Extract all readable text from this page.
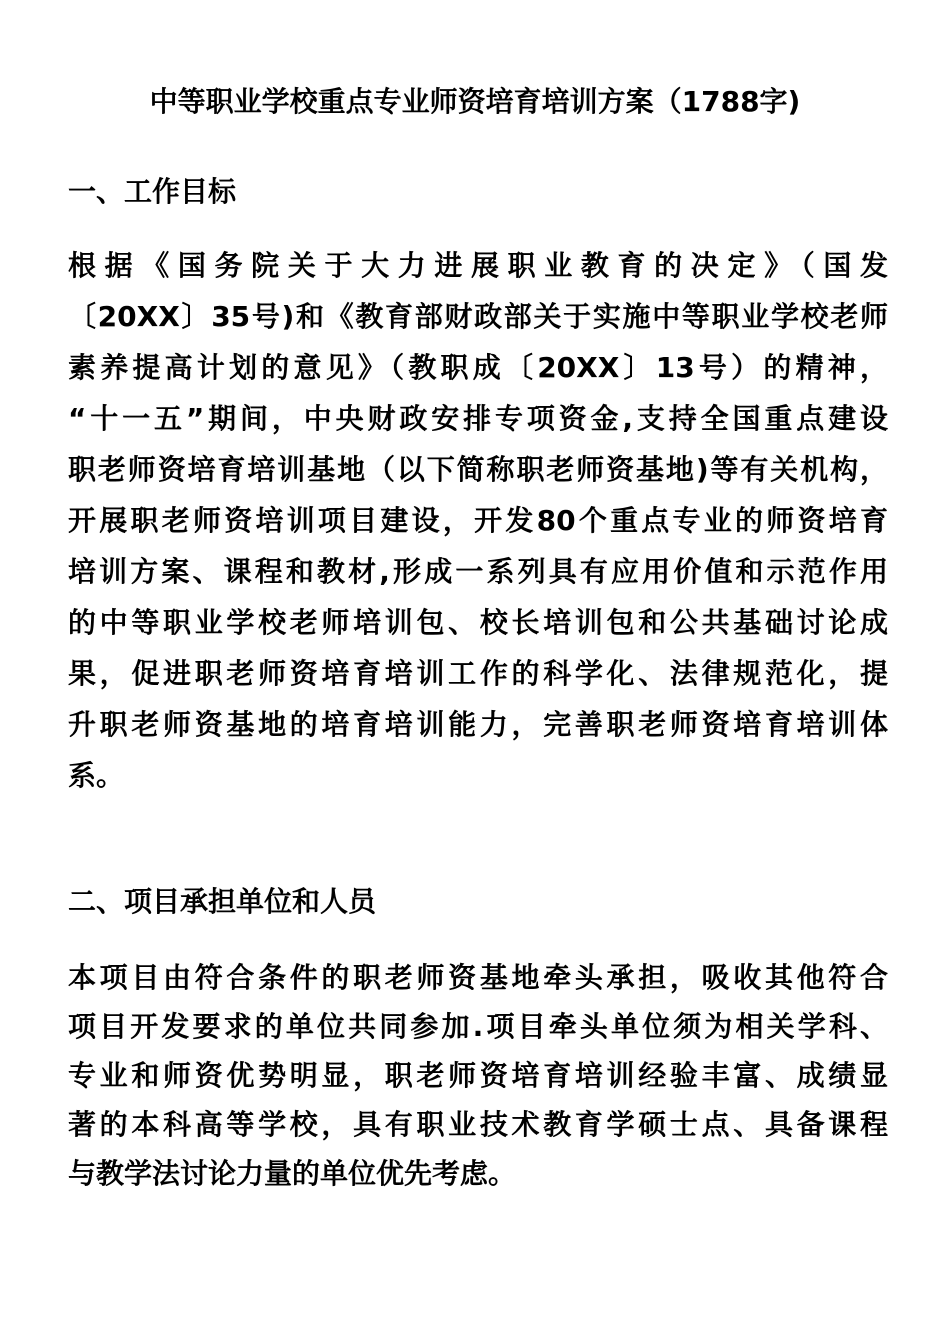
中等职业学校重点专业师资培育培训方案（1788字)
一、工作目标
根据《国务院关于大力进展职业教育的决定》（国发
〔20XX〕35号)和《教育部财政部关于实施中等职业学校老师
素养提高计划的意见》（教职成〔20XX〕13号）的精神，
“十一五”期间，中央财政安排专项资金,支持全国重点建设
职老师资培育培训基地（以下简称职老师资基地)等有关机构，
开展职老师资培训项目建设，开发80个重点专业的师资培育
培训方案、课程和教材,形成一系列具有应用价值和示范作用
的中等职业学校老师培训包、校长培训包和公共基础讨论成
果，促进职老师资培育培训工作的科学化、法律规范化，提
升职老师资基地的培育培训能力，完善职老师资培育培训体
系。
二、项目承担单位和人员
本项目由符合条件的职老师资基地牵头承担，吸收其他符合
项目开发要求的单位共同参加.项目牵头单位须为相关学科、
专业和师资优势明显，职老师资培育培训经验丰富、成绩显
著的本科高等学校，具有职业技术教育学硕士点、具备课程
与教学法讨论力量的单位优先考虑。
